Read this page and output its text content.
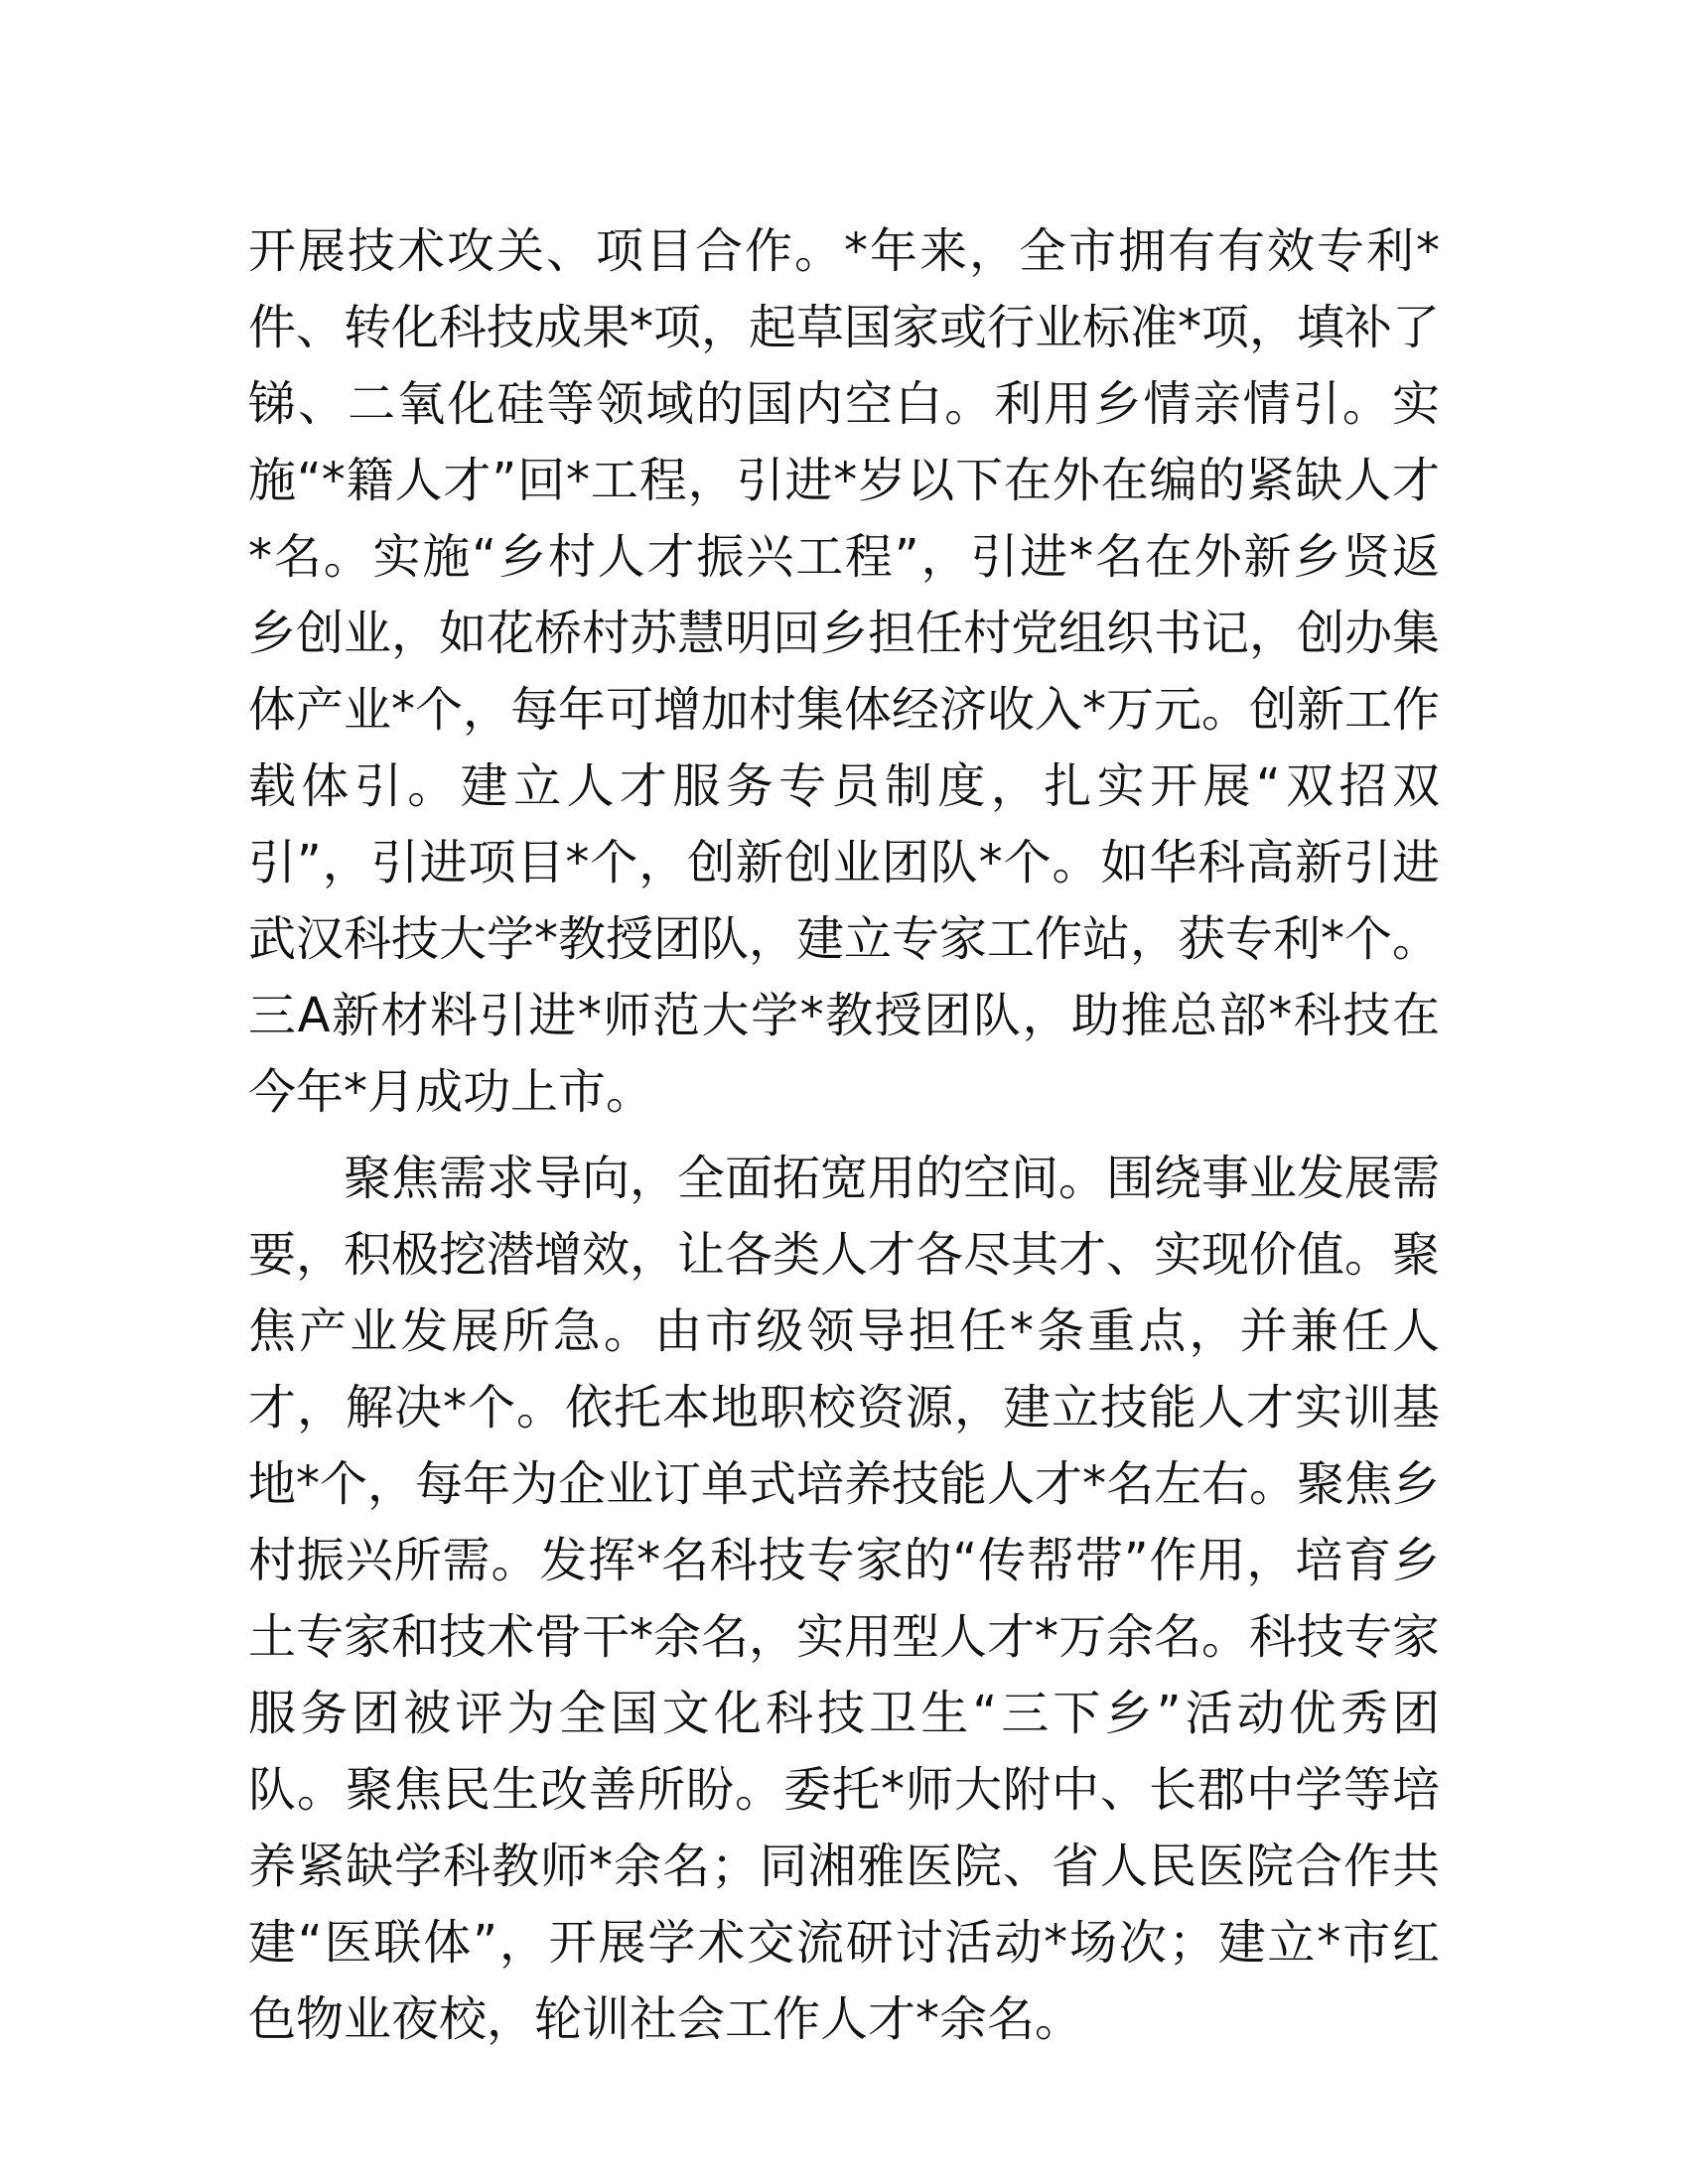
开展技术攻关、项目合作。*年来，全市拥有有效专利*件、转化科技成果*项，起草国家或行业标准*项，填补了锑、二氧化硅等领域的国内空白。利用乡情亲情引。实施“*籍人才”回*工程，引进*岁以下在外在编的紧缺人才*名。实施“乡村人才振兴工程”，引进*名在外新乡贤返乡创业，如花桥村苏慧明回乡担任村党组织书记，创办集体产业*个，每年可增加村集体经济收入*万元。创新工作载体引。建立人才服务专员制度，扎实开展“双招双引”，引进项目*个，创新创业团队*个。如华科高新引进武汉科技大学*教授团队，建立专家工作站，获专利*个。三A新材料引进*师范大学*教授团队，助推总部*科技在今年*月成功上市。

聚焦需求导向，全面拓宽用的空间。围绕事业发展需要，积极挖潜增效，让各类人才各尽其才、实现价值。聚焦产业发展所急。由市级领导担任*条重点，并兼任人才，解决*个。依托本地职校资源，建立技能人才实训基地*个，每年为企业订单式培养技能人才*名左右。聚焦乡村振兴所需。发挥*名科技专家的“传帮带”作用，培育乡土专家和技术骨干*余名，实用型人才*万余名。科技专家服务团被评为全国文化科技卫生“三下乡”活动优秀团队。聚焦民生改善所盼。委托*师大附中、长郡中学等培养紧缺学科教师*余名；同湘雅医院、省人民医院合作共建“医联体”，开展学术交流研讨活动*场次；建立*市红色物业夜校，轮训社会工作人才*余名。
